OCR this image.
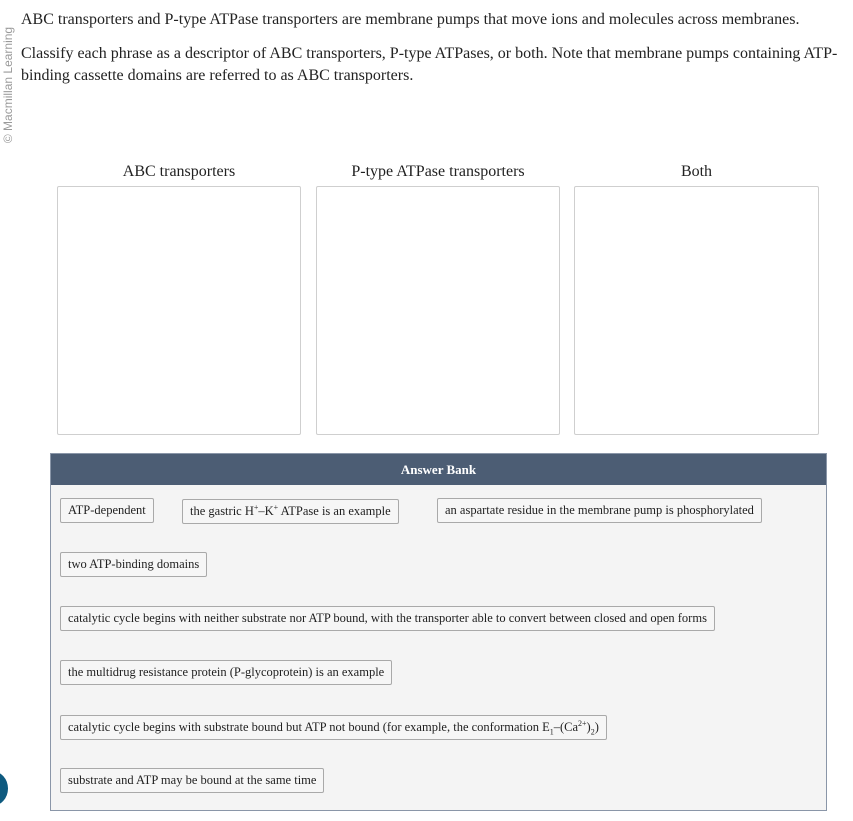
© Macmillan Learning
ABC transporters and P-type ATPase transporters are membrane pumps that move ions and molecules across membranes.
Classify each phrase as a descriptor of ABC transporters, P-type ATPases, or both. Note that membrane pumps containing ATP-binding cassette domains are referred to as ABC transporters.
ABC transporters	P-type ATPase transporters	Both
Answer Bank
ATP-dependent	the gastric H+–K+ ATPase is an example	an aspartate residue in the membrane pump is phosphorylated
two ATP-binding domains
catalytic cycle begins with neither substrate nor ATP bound, with the transporter able to convert between closed and open forms
the multidrug resistance protein (P-glycoprotein) is an example
catalytic cycle begins with substrate bound but ATP not bound (for example, the conformation $E_1-(Ca^{2+})_2$)
substrate and ATP may be bound at the same time
